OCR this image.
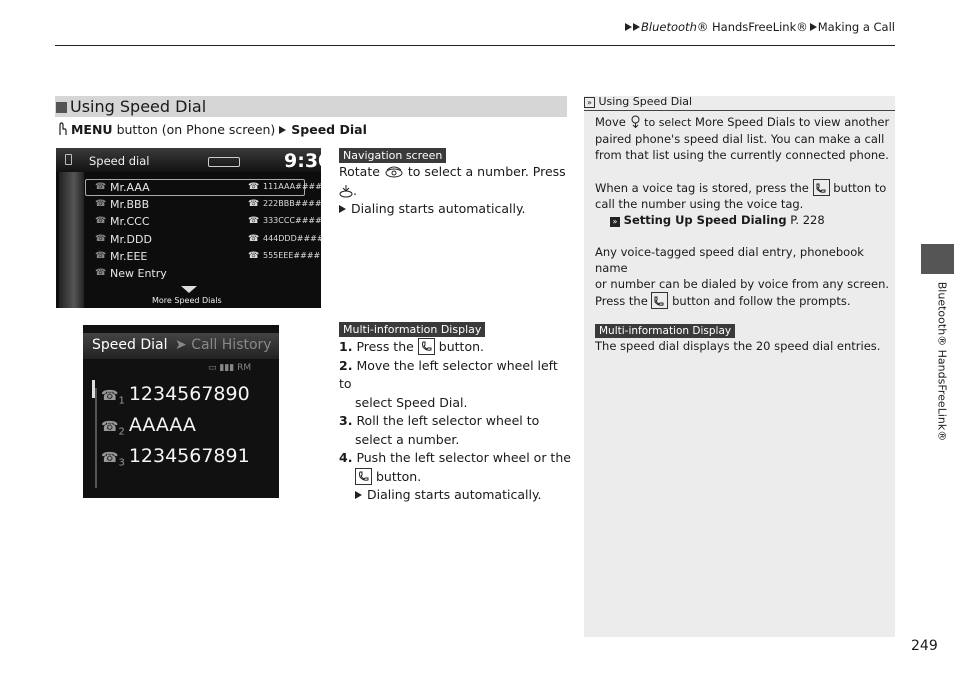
Bluetooth® HandsFreeLink® Making a Call
Using Speed Dial
MENU button (on Phone screen) Speed Dial
Speed dial	9:30
☎ Mr.AAA	☎ 111AAA####
☎ Mr.BBB	☎ 222BBB####
☎ Mr.CCC	☎ 333CCC####
☎ Mr.DDD	☎ 444DDD####
☎ Mr.EEE	☎ 555EEE####
☎ New Entry
More Speed Dials
Navigation screen
Rotate to select a number. Press
.
Dialing starts automatically.
Speed Dial ➤ Call History
▭ ▮▮▮ RM
$☎_1$ 1234567890
$☎_2$ AAAAA
$☎_3$ 1234567891
Multi-information Display
1. Press the button.
2. Move the left selector wheel left to
select Speed Dial.
3. Roll the left selector wheel to
select a number.
4. Push the left selector wheel or the
button.
Dialing starts automatically.
» Using Speed Dial
Move to select More Speed Dials to view another
paired phone's speed dial list. You can make a call
from that list using the currently connected phone.
When a voice tag is stored, press the button to
call the number using the voice tag.
» Setting Up Speed Dialing P. 228
Any voice-tagged speed dial entry, phonebook name
or number can be dialed by voice from any screen.
Press the button and follow the prompts.
Multi-information Display
The speed dial displays the 20 speed dial entries.	Bluetooth® HandsFreeLink®
249
